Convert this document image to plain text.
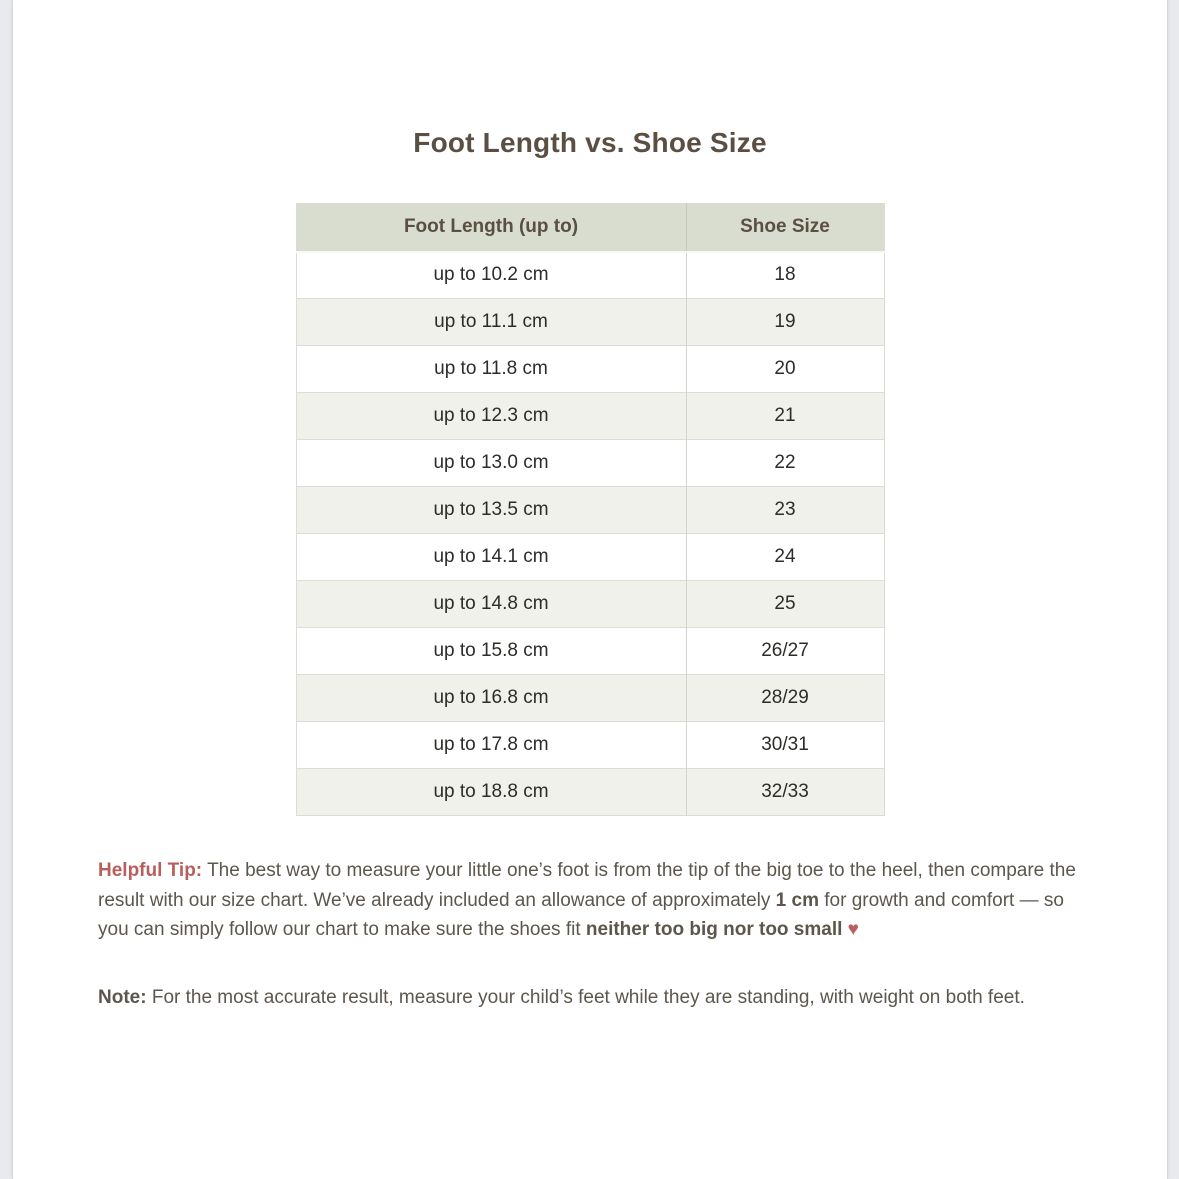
Foot Length vs. Shoe Size
Foot Length (up to)	Shoe Size
up to 10.2 cm	18
up to 11.1 cm	19
up to 11.8 cm	20
up to 12.3 cm	21
up to 13.0 cm	22
up to 13.5 cm	23
up to 14.1 cm	24
up to 14.8 cm	25
up to 15.8 cm	26/27
up to 16.8 cm	28/29
up to 17.8 cm	30/31
up to 18.8 cm	32/33

Helpful Tip: The best way to measure your little one’s foot is from the tip of the big toe to the heel, then compare the result with our size chart. We’ve already included an allowance of approximately 1 cm for growth and comfort — so you can simply follow our chart to make sure the shoes fit neither too big nor too small ♥

Note: For the most accurate result, measure your child’s feet while they are standing, with weight on both feet.
